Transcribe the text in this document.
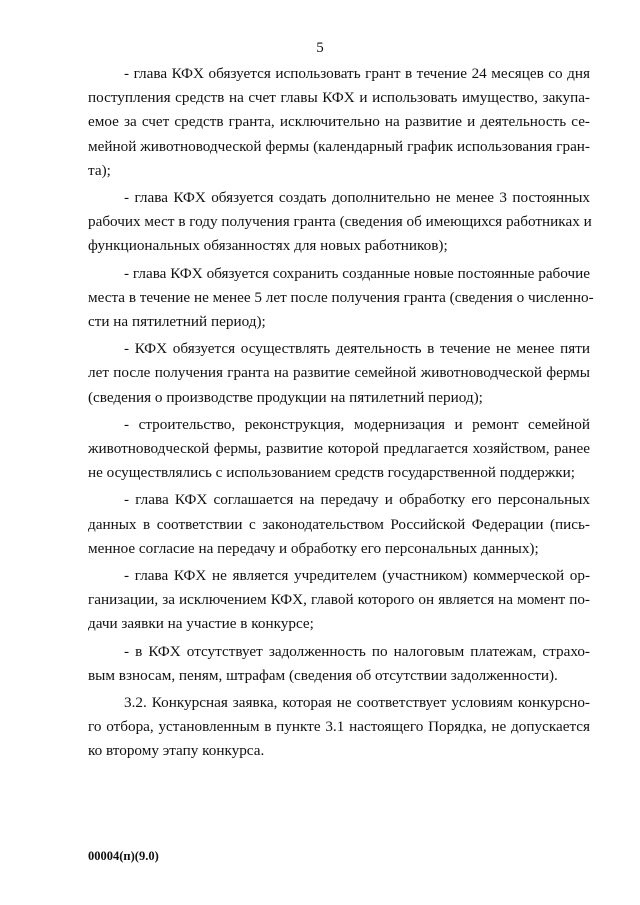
5

- глава КФХ обязуется использовать грант в течение 24 месяцев со дня
поступления средств на счет главы КФХ и использовать имущество, закупа-
емое за счет средств гранта, исключительно на развитие и деятельность се-
мейной животноводческой фермы (календарный график использования гран-
та);

- глава КФХ обязуется создать дополнительно не менее 3 постоянных
рабочих мест в году получения гранта (сведения об имеющихся работниках и
функциональных обязанностях для новых работников);

- глава КФХ обязуется сохранить созданные новые постоянные рабочие
места в течение не менее 5 лет после получения гранта (сведения о численно-
сти на пятилетний период);

- КФХ обязуется осуществлять деятельность в течение не менее пяти
лет после получения гранта на развитие семейной животноводческой фермы
(сведения о производстве продукции на пятилетний период);

- строительство, реконструкция, модернизация и ремонт семейной
животноводческой фермы, развитие которой предлагается хозяйством, ранее
не осуществлялись с использованием средств государственной поддержки;

- глава КФХ соглашается на передачу и обработку его персональных
данных в соответствии с законодательством Российской Федерации (пись-
менное согласие на передачу и обработку его персональных данных);

- глава КФХ не является учредителем (участником) коммерческой ор-
ганизации, за исключением КФХ, главой которого он является на момент по-
дачи заявки на участие в конкурсе;

- в КФХ отсутствует задолженность по налоговым платежам, страхо-
вым взносам, пеням, штрафам (сведения об отсутствии задолженности).

3.2. Конкурсная заявка, которая не соответствует условиям конкурсно-
го отбора, установленным в пункте 3.1 настоящего Порядка, не допускается
ко второму этапу конкурса.

00004(п)(9.0)
